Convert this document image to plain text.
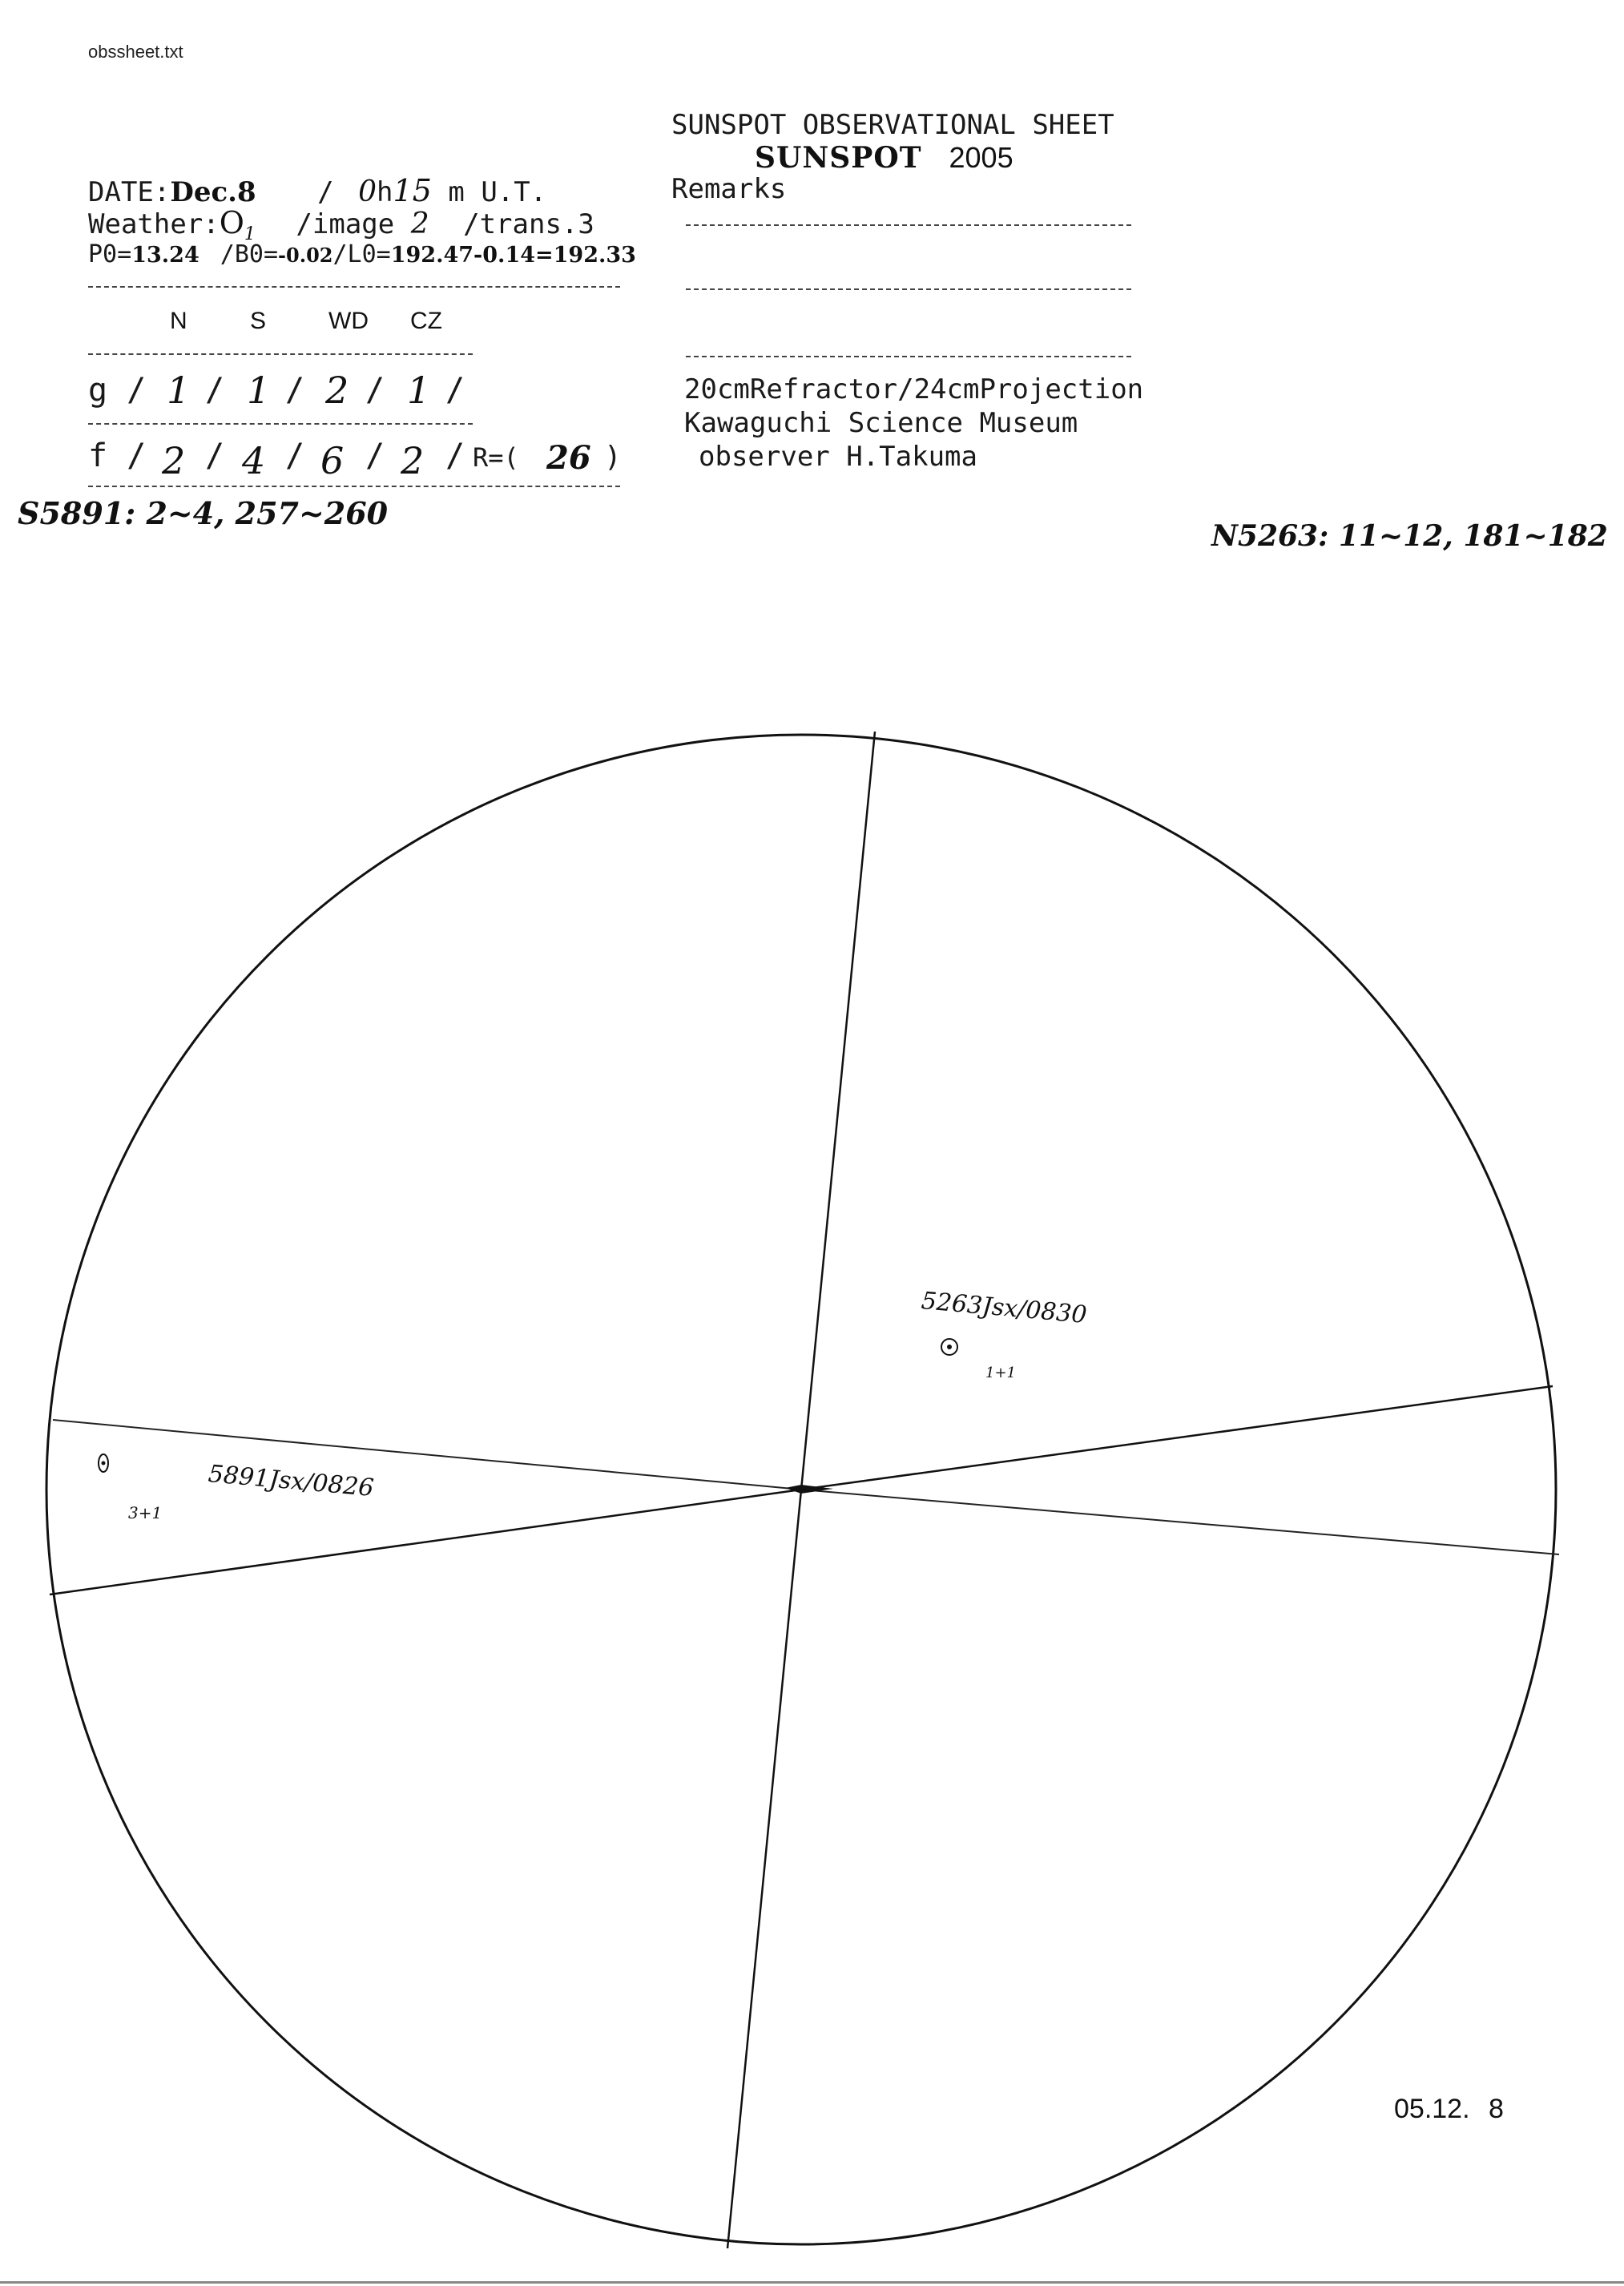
obssheet.txt
SUNSPOT OBSERVATIONAL SHEET
SUNSPOT 2005
Remarks
DATE:Dec.8 / 0h15 m U.T.
$Weather:O_1$ /image 2 /trans.3
P0=13.24 /B0=-0.02/L0=192.47-0.14=192.33
N	S	WD CZ
g / 1 / 1 / 2 / 1 /
f / 2 / 4 / 6 / 2 / R=( 26 )
20cmRefractor/24cmProjection
Kawaguchi Science Museum
observer H.Takuma
S5891: 2~4, 257~260
N5263: 11~12, 181~182
5263Jsx/0830
1+1
5891Jsx/0826
3+1
05.12. 8
